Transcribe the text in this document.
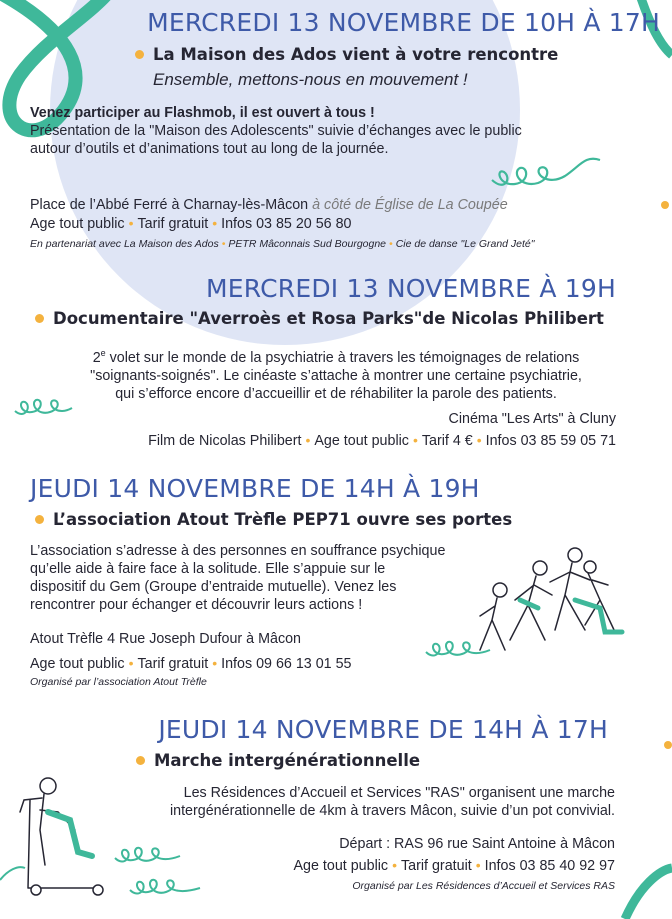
MERCREDI 13 NOVEMBRE DE 10H À 17H
La Maison des Ados vient à votre rencontre
Ensemble, mettons-nous en mouvement !
Venez participer au Flashmob, il est ouvert à tous !
Présentation de la "Maison des Adolescents" suivie d’échanges avec le public
autour d’outils et d’animations tout au long de la journée.
Place de l’Abbé Ferré à Charnay-lès-Mâcon à côté de Église de La Coupée
Age tout public • Tarif gratuit • Infos 03 85 20 56 80
En partenariat avec La Maison des Ados • PETR Mâconnais Sud Bourgogne • Cie de danse "Le Grand Jeté"
MERCREDI 13 NOVEMBRE À 19H
Documentaire "Averroès et Rosa Parks"de Nicolas Philibert
2e volet sur le monde de la psychiatrie à travers les témoignages de relations
"soignants-soignés". Le cinéaste s’attache à montrer une certaine psychiatrie,
qui s’efforce encore d’accueillir et de réhabiliter la parole des patients.
Cinéma "Les Arts" à Cluny
Film de Nicolas Philibert • Age tout public • Tarif 4 € • Infos 03 85 59 05 71
JEUDI 14 NOVEMBRE DE 14H À 19H
L’association Atout Trèfle PEP71 ouvre ses portes
L’association s’adresse à des personnes en souffrance psychique
qu’elle aide à faire face à la solitude. Elle s’appuie sur le
dispositif du Gem (Groupe d’entraide mutuelle). Venez les
rencontrer pour échanger et découvrir leurs actions !
Atout Trèfle 4 Rue Joseph Dufour à Mâcon
Age tout public • Tarif gratuit • Infos 09 66 13 01 55
Organisé par l’association Atout Trèfle
JEUDI 14 NOVEMBRE DE 14H À 17H
Marche intergénérationnelle
Les Résidences d’Accueil et Services "RAS" organisent une marche
intergénérationnelle de 4km à travers Mâcon, suivie d’un pot convivial.
Départ : RAS 96 rue Saint Antoine à Mâcon
Age tout public • Tarif gratuit • Infos 03 85 40 92 97
Organisé par Les Résidences d’Accueil et Services RAS
